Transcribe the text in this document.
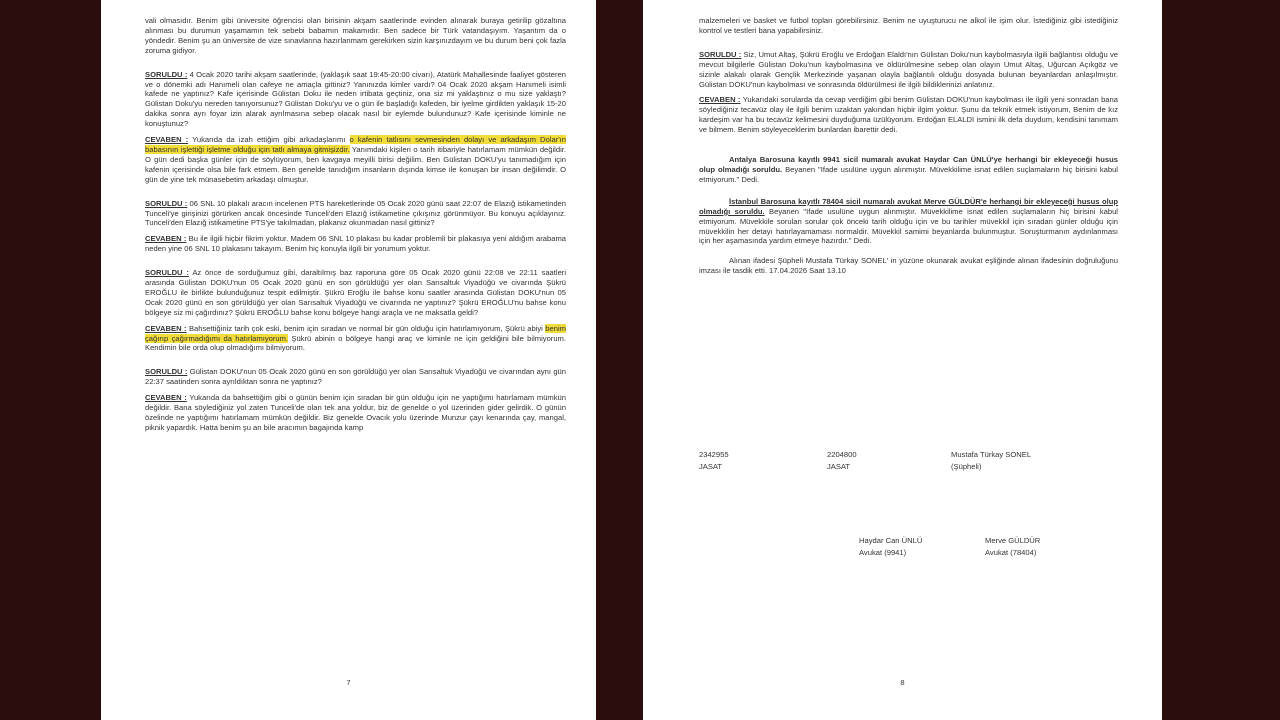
vali olmasıdır. Benim gibi üniversite öğrencisi olan birisinin akşam saatlerinde evinden alınarak buraya getirilip gözaltına alınması bu durumun yaşamamın tek sebebi babamın makamıdır. Ben sadece bir Türk vatandaşıyım. Yaşantım da o yöndedir. Benim şu an üniversite de vize sınavlarına hazırlanmam gerekirken sizin karşınızdayım ve bu durum beni çok fazla zoruma gidiyor.

SORULDU : 4 Ocak 2020 tarihi akşam saatlerinde, (yaklaşık saat 19:45-20:00 civarı), Atatürk Mahallesinde faaliyet gösteren ve o dönemki adı Hanımeli olan cafeye ne amaçla gittiniz? Yanınızda kimler vardı? 04 Ocak 2020 akşam Hanımeli isimli kafede ne yaptınız? Kafe içerisinde Gülistan Doku ile neden irtibata geçtiniz, ona siz mi yaklaştınız o mu size yaklaştı? Gülistan Doku'yu nereden tanıyorsunuz? Gülistan Doku'yu ve o gün ile başladığı kafeden, bir iyelme girdikten yaklaşık 15-20 dakika sonra ayrı foyar izin alarak ayrılmasına sebep olacak nasıl bir eylemde bulundunuz? Kafe içerisinde kiminle ne konuştunuz?

CEVABEN : Yukarıda da izah ettiğim gibi arkadaşlarımı o kafenin tatlısını sevmesinden dolayı ve arkadaşım Dolar'ın babasının işlettiği işletme olduğu için tatlı almaya gitmişizdir. Yanımdaki kişileri o tarih itibariyle hatırlamam mümkün değildir. O gün dedi başka günler için de söylüyorum, ben kavgaya meyilli birisi değilim. Ben Gülistan DOKU'yu tanımadığım için kafenin içerisinde olsa bile fark etmem. Ben genelde tanıdığım insanların dışında kimse ile konuşan bir insan değilimdir. O gün de yine tek münasebetim arkadaşı olmuştur.

SORULDU : 06 SNL 10 plakalı aracın incelenen PTS hareketlerinde 05 Ocak 2020 günü saat 22:07 de Elazığ istikametinden Tunceli'ye girişinizi görürken ancak öncesinde Tunceli'den Elazığ istikametine çıkışınız görünmüyor. Bu konuyu açıklayınız. Tunceli'den Elazığ istikametine PTS'ye takılmadan, plakanız okunmadan nasıl gittiniz?

CEVABEN : Bu ile ilgili hiçbir fikrim yoktur. Madem 06 SNL 10 plakası bu kadar problemli bir plakasıya yeni aldığım arabama neden yine 06 SNL 10 plakasını takayım. Benim hiç konuyla ilgili bir yorumum yoktur.

SORULDU : Az önce de sorduğumuz gibi, daraltılmış baz raporuna göre 05 Ocak 2020 günü 22:08 ve 22:11 saatleri arasında Gülistan DOKU'nun 05 Ocak 2020 günü en son görüldüğü yer olan Sarısaltuk Viyadüğü ve civarında Şükrü EROĞLU ile birlikte bulunduğunuz tespit edilmiştir. Şükrü Eroğlu ile bahse konu saatler arasında Gülistan DOKU'nun 05 Ocak 2020 günü en son görüldüğü yer olan Sarısaltuk Viyadüğü ve civarında ne yaptınız? Şükrü EROĞLU'nu bahse konu bölgeye siz mi çağırdınız? Şükrü EROĞLU bahse konu bölgeye hangi araçla ve ne maksatla geldi?

CEVABEN : Bahsettiğiniz tarih çok eski, benim için sıradan ve normal bir gün olduğu için hatırlamıyorum, Şükrü abiyi benim çağırıp çağırmadığımı da hatırlamıyorum. Şükrü abinin o bölgeye hangi araç ve kiminle ne için geldiğini bile bilmiyorum. Kendimin bile orda olup olmadığımı bilmiyorum.

SORULDU : Gülistan DOKU'nun 05 Ocak 2020 günü en son görüldüğü yer olan Sarısaltuk Viyadüğü ve civarından aynı gün 22:37 saatinden sonra ayrıldıktan sonra ne yaptınız?

CEVABEN : Yukarıda da bahsettiğim gibi o günün benim için sıradan bir gün olduğu için ne yaptığımı hatırlamam mümkün değildir. Bana söylediğiniz yol zaten Tunceli'de olan tek ana yoldur, biz de genelde o yol üzerinden gider gelirdik. O günün özelinde ne yaptığımı hatırlamam mümkün değildir. Biz genelde Ovacık yolu üzerinde Munzur çayı kenarında çay, mangal, piknik yapardık. Hatta benim şu an bile aracımın bagajında kamp

7

malzemeleri ve basket ve futbol topları görebilirsiniz. Benim ne uyuşturucu ne alkol ile işim olur. İstediğiniz gibi istediğiniz kontrol ve testleri bana yapabilirsiniz.

SORULDU : Siz, Umut Altaş, Şükrü Eroğlu ve Erdoğan Elaldı'nın Gülistan Doku'nun kaybolmasıyla ilgili bağlantısı olduğu ve mevcut bilgilerle Gülistan Doku'nun kaybolmasına ve öldürülmesine sebep olan olayın Umut Altaş, Uğurcan Açıkgöz ve sizinle alakalı olarak Gençlik Merkezinde yaşanan olayla bağlantılı olduğu dosyada bulunan beyanlardan anlaşılmıştır. Gülistan DOKU'nun kaybolması ve sonrasında öldürülmesi ile ilgili bildiklerinizi anlatınız.

CEVABEN : Yukarıdaki sorularda da cevap verdiğim gibi benim Gülistan DOKU'nun kaybolması ile ilgili yeni sonradan bana söylediğiniz tecavüz olay ile ilgili benim uzaktan yakından hiçbir ilgim yoktur. Şunu da teknik etmek istiyorum, Benim de kız kardeşim var ha bu tecavüz kelimesini duyduğuma üzülüyorum. Erdoğan ELALDI ismini ilk defa duydum, kendisini tanımam ve bilmem. Benim söyleyeceklerim bunlardan ibarettir dedi.

Antalya Barosuna kayıtlı 9941 sicil numaralı avukat Haydar Can ÜNLÜ'ye herhangi bir ekleyeceği husus olup olmadığı soruldu. Beyanen "Ifade usulüne uygun alınmıştır. Müvekkilime isnat edilen suçlamaların hiç birisini kabul etmiyorum." Dedi.

İstanbul Barosuna kayıtlı 78404 sicil numaralı avukat Merve GÜLDÜR'e herhangi bir ekleyeceği husus olup olmadığı soruldu. Beyanen "Ifade usulüne uygun alınmıştır. Müvekkilime isnat edilen suçlamaların hiç birisini kabul etmiyorum. Müvekkile sorulan sorular çok önceki tarih olduğu için ve bu tarihler müvekkil için sıradan günler olduğu için müvekkilin her detayı hatırlayamaması normaldir. Müvekkil samimi beyanlarda bulunmuştur. Soruşturmanın aydınlanması için her aşamasında yardım etmeye hazırdır." Dedi.

Alınan ifadesi Şüpheli Mustafa Türkay SONEL' in yüzüne okunarak avukat eşliğinde alınan ifadesinin doğruluğunu imzası ile tasdik etti. 17.04.2026 Saat 13.10

2342955
JASAT
2204800
JASAT
Mustafa Türkay SONEL
(Şüpheli)
Haydar Can ÜNLÜ
Avukat (9941)
Merve GÜLDÜR
Avukat (78404)
8
